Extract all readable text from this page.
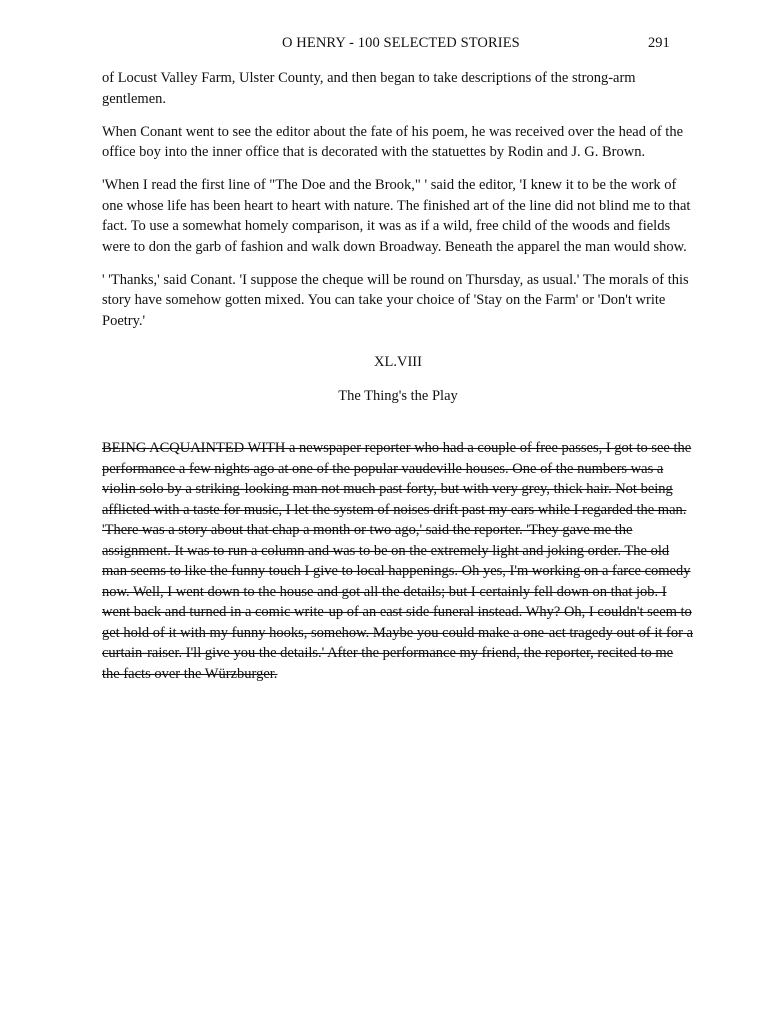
O HENRY - 100 SELECTED STORIES	291

of Locust Valley Farm, Ulster County, and then began to take descriptions of the strong-arm gentlemen.

When Conant went to see the editor about the fate of his poem, he was received over the head of the office boy into the inner office that is decorated with the statuettes by Rodin and J. G. Brown.

'When I read the first line of "The Doe and the Brook," ' said the editor, 'I knew it to be the work of one whose life has been heart to heart with nature. The finished art of the line did not blind me to that fact. To use a somewhat homely comparison, it was as if a wild, free child of the woods and fields were to don the garb of fashion and walk down Broadway. Beneath the apparel the man would show.

' 'Thanks,' said Conant. 'I suppose the cheque will be round on Thursday, as usual.' The morals of this story have somehow gotten mixed. You can take your choice of 'Stay on the Farm' or 'Don't write Poetry.'

XL.VIII
The Thing's the Play

BEING ACQUAINTED WITH a newspaper reporter who had a couple of free passes, I got to see the performance a few nights ago at one of the popular vaudeville houses. One of the numbers was a violin solo by a striking-looking man not much past forty, but with very grey, thick hair. Not being afflicted with a taste for music, I let the system of noises drift past my ears while I regarded the man. 'There was a story about that chap a month or two ago,' said the reporter. 'They gave me the assignment. It was to run a column and was to be on the extremely light and joking order. The old man seems to like the funny touch I give to local happenings. Oh yes, I'm working on a farce comedy now. Well, I went down to the house and got all the details; but I certainly fell down on that job. I went back and turned in a comic write-up of an east side funeral instead. Why? Oh, I couldn't seem to get hold of it with my funny hooks, somehow. Maybe you could make a one-act tragedy out of it for a curtain-raiser. I'll give you the details.' After the performance my friend, the reporter, recited to me the facts over the Würzburger.
